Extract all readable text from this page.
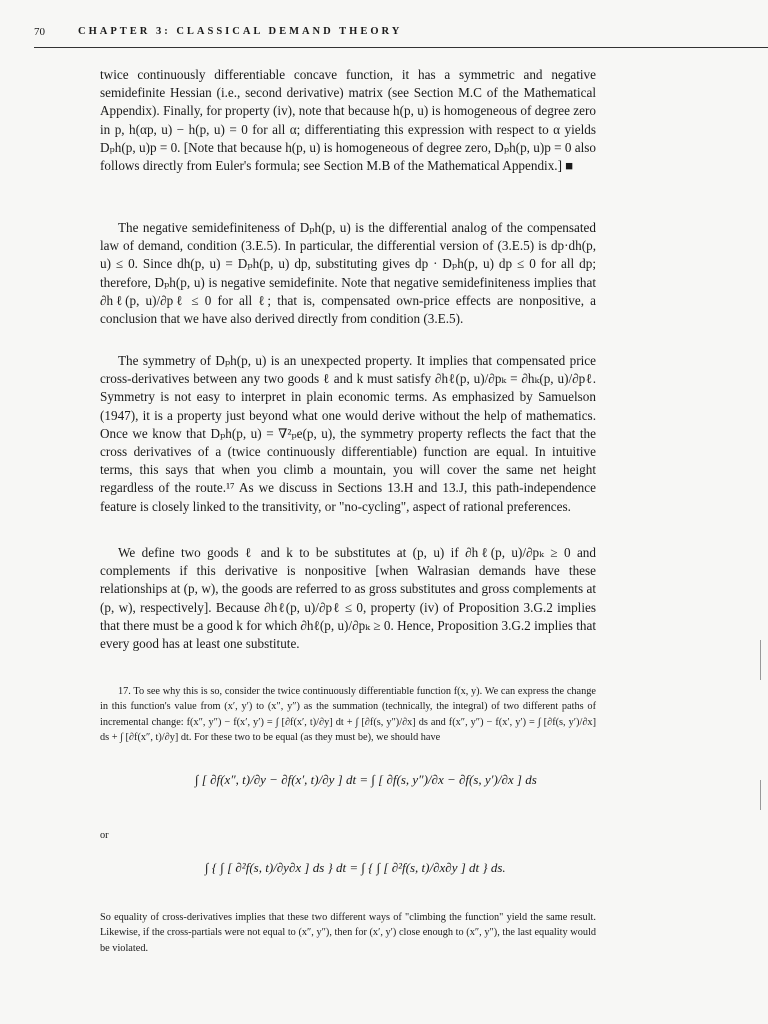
70	CHAPTER 3: CLASSICAL DEMAND THEORY

twice continuously differentiable concave function, it has a symmetric and negative semidefinite Hessian (i.e., second derivative) matrix (see Section M.C of the Mathematical Appendix). Finally, for property (iv), note that because h(p, u) is homogeneous of degree zero in p, h(αp, u) − h(p, u) = 0 for all α; differentiating this expression with respect to α yields Dₚh(p, u)p = 0. [Note that because h(p, u) is homogeneous of degree zero, Dₚh(p, u)p = 0 also follows directly from Euler's formula; see Section M.B of the Mathematical Appendix.] ■

The negative semidefiniteness of Dₚh(p, u) is the differential analog of the compensated law of demand, condition (3.E.5). In particular, the differential version of (3.E.5) is dp·dh(p, u) ≤ 0. Since dh(p, u) = Dₚh(p, u) dp, substituting gives dp · Dₚh(p, u) dp ≤ 0 for all dp; therefore, Dₚh(p, u) is negative semidefinite. Note that negative semidefiniteness implies that ∂hℓ(p, u)/∂pℓ ≤ 0 for all ℓ; that is, compensated own-price effects are nonpositive, a conclusion that we have also derived directly from condition (3.E.5).

The symmetry of Dₚh(p, u) is an unexpected property. It implies that compensated price cross-derivatives between any two goods ℓ and k must satisfy ∂hℓ(p, u)/∂pₖ = ∂hₖ(p, u)/∂pℓ. Symmetry is not easy to interpret in plain economic terms. As emphasized by Samuelson (1947), it is a property just beyond what one would derive without the help of mathematics. Once we know that Dₚh(p, u) = ∇²ₚe(p, u), the symmetry property reflects the fact that the cross derivatives of a (twice continuously differentiable) function are equal. In intuitive terms, this says that when you climb a mountain, you will cover the same net height regardless of the route.¹⁷ As we discuss in Sections 13.H and 13.J, this path-independence feature is closely linked to the transitivity, or "no-cycling", aspect of rational preferences.

We define two goods ℓ and k to be substitutes at (p, u) if ∂hℓ(p, u)/∂pₖ ≥ 0 and complements if this derivative is nonpositive [when Walrasian demands have these relationships at (p, w), the goods are referred to as gross substitutes and gross complements at (p, w), respectively]. Because ∂hℓ(p, u)/∂pℓ ≤ 0, property (iv) of Proposition 3.G.2 implies that there must be a good k for which ∂hℓ(p, u)/∂pₖ ≥ 0. Hence, Proposition 3.G.2 implies that every good has at least one substitute.

17. To see why this is so, consider the twice continuously differentiable function f(x, y). We can express the change in this function's value from (x′, y′) to (x″, y″) as the summation (technically, the integral) of two different paths of incremental change: f(x″, y″) − f(x′, y′) = ∫ [∂f(x′, t)/∂y] dt + ∫ [∂f(s, y″)/∂x] ds and f(x″, y″) − f(x′, y′) = ∫ [∂f(s, y′)/∂x] ds + ∫ [∂f(x″, t)/∂y] dt. For these two to be equal (as they must be), we should have

∫ [ ∂f(x″, t)/∂y − ∂f(x′, t)/∂y ] dt = ∫ [ ∂f(s, y″)/∂x − ∂f(s, y′)/∂x ] ds
or
∫ { ∫ [ ∂²f(s, t)/∂y∂x ] ds } dt = ∫ { ∫ [ ∂²f(s, t)/∂x∂y ] dt } ds.

So equality of cross-derivatives implies that these two different ways of "climbing the function" yield the same result. Likewise, if the cross-partials were not equal to (x″, y″), then for (x′, y′) close enough to (x″, y″), the last equality would be violated.
